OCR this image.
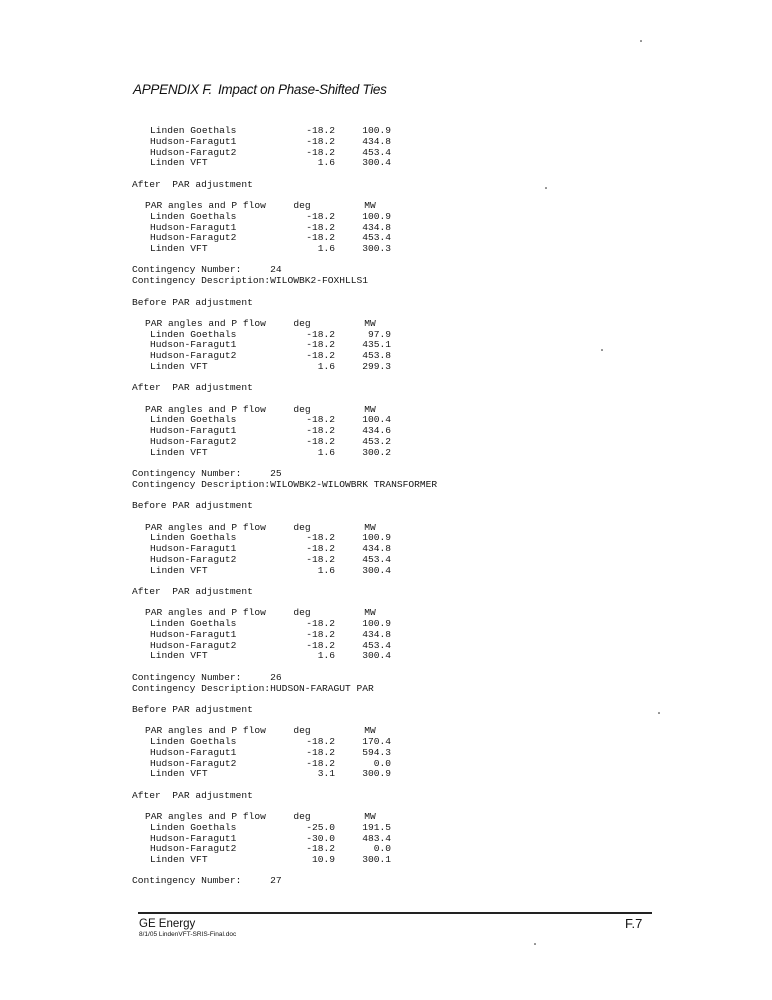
APPENDIX F. Impact on Phase-Shifted Ties
Linden Goethals	-18.2	100.9
Hudson-Faragut1	-18.2	434.8
Hudson-Faragut2	-18.2	453.4
Linden VFT	1.6	300.4
After  PAR adjustment
PAR angles and P flow	deg	MW
Linden Goethals	-18.2	100.9
Hudson-Faragut1	-18.2	434.8
Hudson-Faragut2	-18.2	453.4
Linden VFT	1.6	300.3
Contingency Number:     24
Contingency Description:WILOWBK2-FOXHLLS1
Before PAR adjustment
PAR angles and P flow	deg	MW
Linden Goethals	-18.2	97.9
Hudson-Faragut1	-18.2	435.1
Hudson-Faragut2	-18.2	453.8
Linden VFT	1.6	299.3
After  PAR adjustment
PAR angles and P flow	deg	MW
Linden Goethals	-18.2	100.4
Hudson-Faragut1	-18.2	434.6
Hudson-Faragut2	-18.2	453.2
Linden VFT	1.6	300.2
Contingency Number:     25
Contingency Description:WILOWBK2-WILOWBRK TRANSFORMER
Before PAR adjustment
PAR angles and P flow	deg	MW
Linden Goethals	-18.2	100.9
Hudson-Faragut1	-18.2	434.8
Hudson-Faragut2	-18.2	453.4
Linden VFT	1.6	300.4
After  PAR adjustment
PAR angles and P flow	deg	MW
Linden Goethals	-18.2	100.9
Hudson-Faragut1	-18.2	434.8
Hudson-Faragut2	-18.2	453.4
Linden VFT	1.6	300.4
Contingency Number:     26
Contingency Description:HUDSON-FARAGUT PAR
Before PAR adjustment
PAR angles and P flow	deg	MW
Linden Goethals	-18.2	170.4
Hudson-Faragut1	-18.2	594.3
Hudson-Faragut2	-18.2	0.0
Linden VFT	3.1	300.9
After  PAR adjustment
PAR angles and P flow	deg	MW
Linden Goethals	-25.0	191.5
Hudson-Faragut1	-30.0	483.4
Hudson-Faragut2	-18.2	0.0
Linden VFT	10.9	300.1
Contingency Number:     27
GE Energy
8/1/05 LindenVFT-SRIS-Final.doc
F.7
